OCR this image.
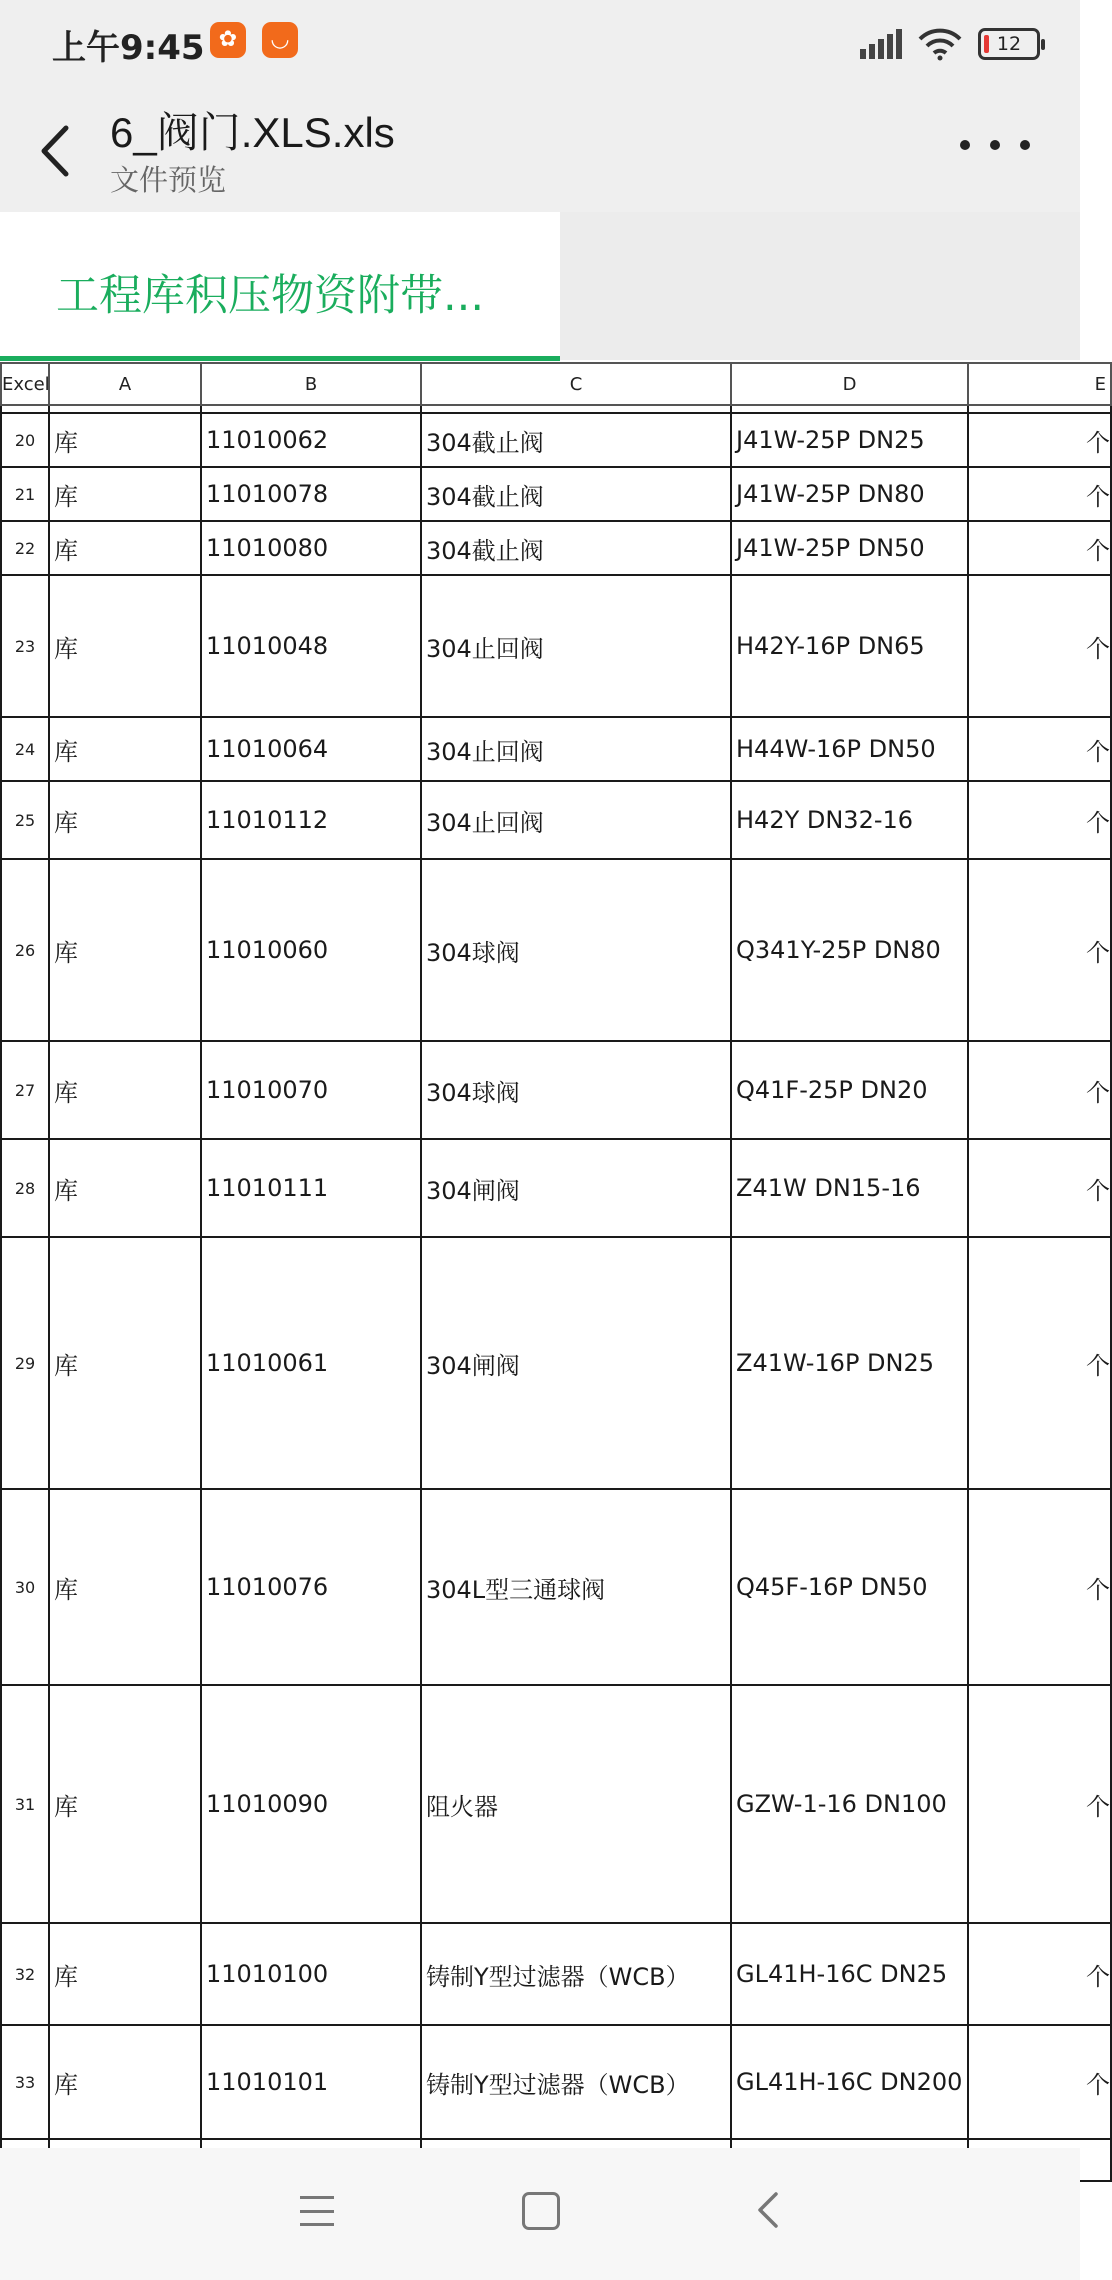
上午9:45 ✿	◡	12
6_阀门.XLS.xls
文件预览
工程库积压物资附带...
Excel	A	B	C	D	E

20	库	11010062	304截止阀	J41W-25P DN25	个
21	库	11010078	304截止阀	J41W-25P DN80	个
22	库	11010080	304截止阀	J41W-25P DN50	个
23	库	11010048	304止回阀	H42Y-16P DN65	个
24	库	11010064	304止回阀	H44W-16P DN50	个
25	库	11010112	304止回阀	H42Y DN32-16	个
26	库	11010060	304球阀	Q341Y-25P DN80	个
27	库	11010070	304球阀	Q41F-25P DN20	个
28	库	11010111	304闸阀	Z41W DN15-16	个
29	库	11010061	304闸阀	Z41W-16P DN25	个
30	库	11010076	304L型三通球阀	Q45F-16P DN50	个
31	库	11010090	阻火器	GZW-1-16 DN100	个
32	库	11010100	铸制Y型过滤器（WCB）	GL41H-16C DN25	个
33	库	11010101	铸制Y型过滤器（WCB）	GL41H-16C DN200	个
